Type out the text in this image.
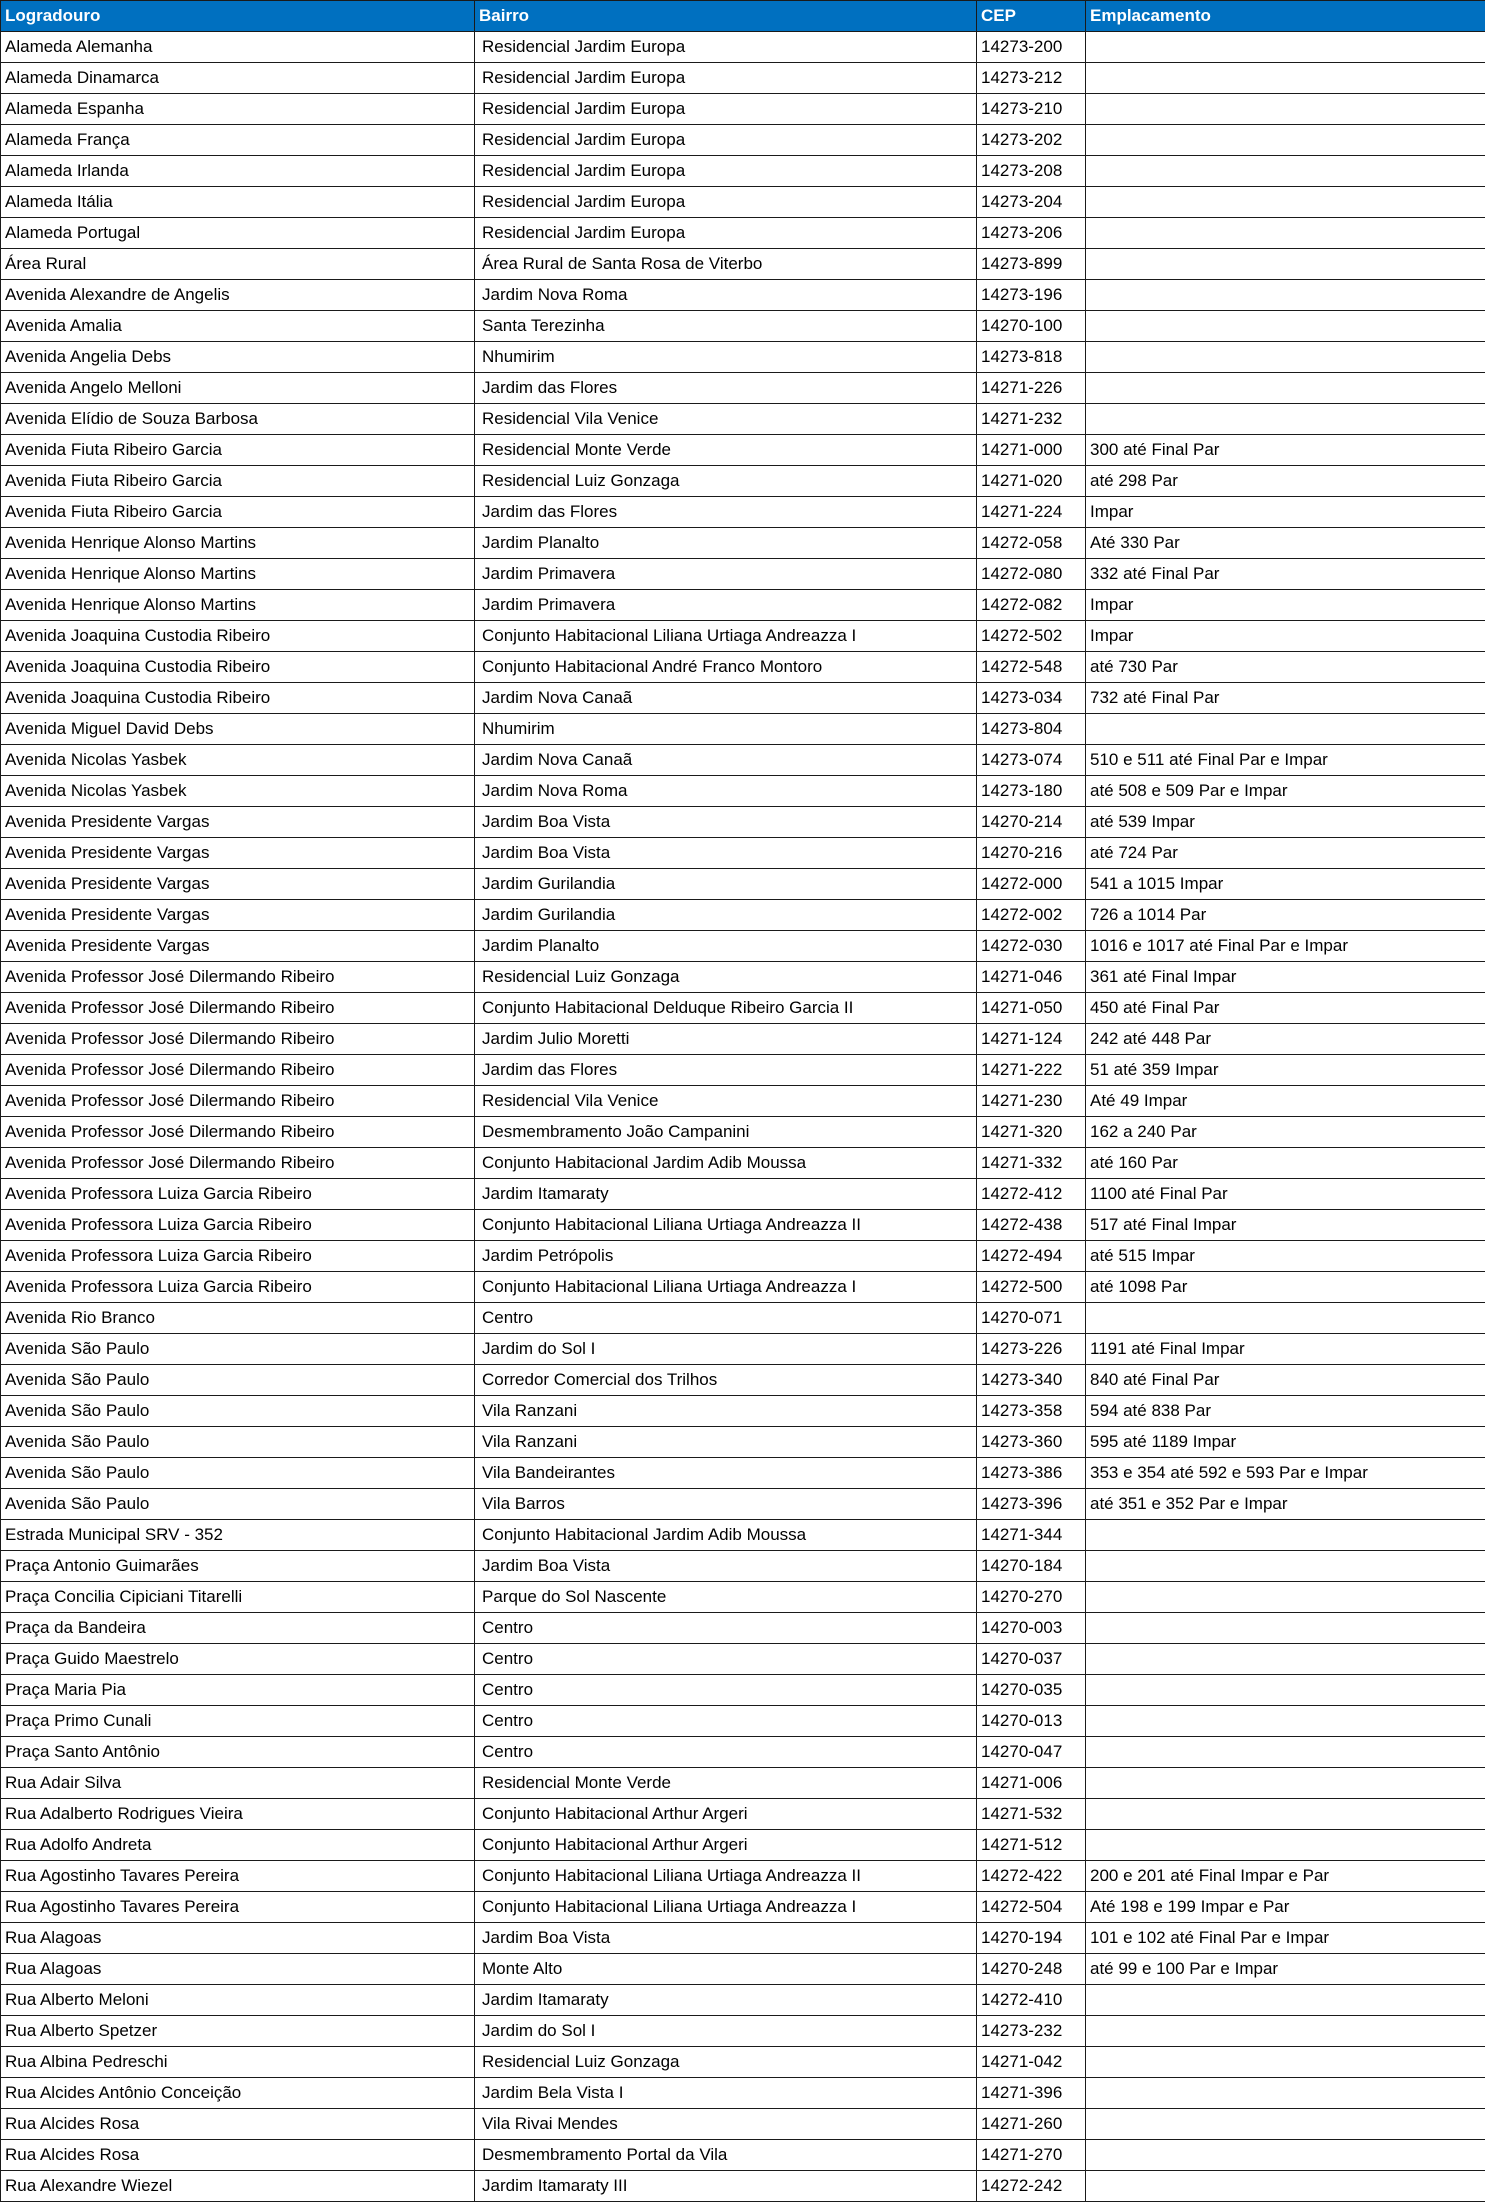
Logradouro	Bairro	CEP	Emplacamento
Alameda Alemanha	Residencial Jardim Europa	14273-200	
Alameda Dinamarca	Residencial Jardim Europa	14273-212	
Alameda Espanha	Residencial Jardim Europa	14273-210	
Alameda França	Residencial Jardim Europa	14273-202	
Alameda Irlanda	Residencial Jardim Europa	14273-208	
Alameda Itália	Residencial Jardim Europa	14273-204	
Alameda Portugal	Residencial Jardim Europa	14273-206	
Área Rural	Área Rural de Santa Rosa de Viterbo	14273-899	
Avenida Alexandre de Angelis	Jardim Nova Roma	14273-196	
Avenida Amalia	Santa Terezinha	14270-100	
Avenida Angelia Debs	Nhumirim	14273-818	
Avenida Angelo Melloni	Jardim das Flores	14271-226	
Avenida Elídio de Souza Barbosa	Residencial Vila Venice	14271-232	
Avenida Fiuta Ribeiro Garcia	Residencial Monte Verde	14271-000	300 até Final Par
Avenida Fiuta Ribeiro Garcia	Residencial Luiz Gonzaga	14271-020	até 298 Par
Avenida Fiuta Ribeiro Garcia	Jardim das Flores	14271-224	Impar
Avenida Henrique Alonso Martins	Jardim Planalto	14272-058	Até 330 Par
Avenida Henrique Alonso Martins	Jardim Primavera	14272-080	332 até Final Par
Avenida Henrique Alonso Martins	Jardim Primavera	14272-082	Impar
Avenida Joaquina Custodia Ribeiro	Conjunto Habitacional Liliana Urtiaga Andreazza I	14272-502	Impar
Avenida Joaquina Custodia Ribeiro	Conjunto Habitacional André Franco Montoro	14272-548	até 730 Par
Avenida Joaquina Custodia Ribeiro	Jardim Nova Canaã	14273-034	732 até Final Par
Avenida Miguel David Debs	Nhumirim	14273-804	
Avenida Nicolas Yasbek	Jardim Nova Canaã	14273-074	510 e 511 até Final Par e Impar
Avenida Nicolas Yasbek	Jardim Nova Roma	14273-180	até 508 e 509 Par e Impar
Avenida Presidente Vargas	Jardim Boa Vista	14270-214	até 539 Impar
Avenida Presidente Vargas	Jardim Boa Vista	14270-216	até 724 Par
Avenida Presidente Vargas	Jardim Gurilandia	14272-000	541 a 1015 Impar
Avenida Presidente Vargas	Jardim Gurilandia	14272-002	726 a 1014 Par
Avenida Presidente Vargas	Jardim Planalto	14272-030	1016 e 1017 até Final Par e Impar
Avenida Professor José Dilermando Ribeiro	Residencial Luiz Gonzaga	14271-046	361 até Final Impar
Avenida Professor José Dilermando Ribeiro	Conjunto Habitacional Delduque Ribeiro Garcia II	14271-050	450 até Final Par
Avenida Professor José Dilermando Ribeiro	Jardim Julio Moretti	14271-124	242 até 448 Par
Avenida Professor José Dilermando Ribeiro	Jardim das Flores	14271-222	51 até 359 Impar
Avenida Professor José Dilermando Ribeiro	Residencial Vila Venice	14271-230	Até 49 Impar
Avenida Professor José Dilermando Ribeiro	Desmembramento João Campanini	14271-320	162 a 240 Par
Avenida Professor José Dilermando Ribeiro	Conjunto Habitacional Jardim Adib Moussa	14271-332	até 160 Par
Avenida Professora Luiza Garcia Ribeiro	Jardim Itamaraty	14272-412	1100 até Final Par
Avenida Professora Luiza Garcia Ribeiro	Conjunto Habitacional Liliana Urtiaga Andreazza II	14272-438	517 até Final Impar
Avenida Professora Luiza Garcia Ribeiro	Jardim Petrópolis	14272-494	até 515 Impar
Avenida Professora Luiza Garcia Ribeiro	Conjunto Habitacional Liliana Urtiaga Andreazza I	14272-500	até 1098 Par
Avenida Rio Branco	Centro	14270-071	
Avenida São Paulo	Jardim do Sol I	14273-226	1191 até Final Impar
Avenida São Paulo	Corredor Comercial dos Trilhos	14273-340	840 até Final Par
Avenida São Paulo	Vila Ranzani	14273-358	594 até 838 Par
Avenida São Paulo	Vila Ranzani	14273-360	595 até 1189 Impar
Avenida São Paulo	Vila Bandeirantes	14273-386	353 e 354 até 592 e 593 Par e Impar
Avenida São Paulo	Vila Barros	14273-396	até 351 e 352 Par e Impar
Estrada Municipal SRV - 352	Conjunto Habitacional Jardim Adib Moussa	14271-344	
Praça Antonio Guimarães	Jardim Boa Vista	14270-184	
Praça Concilia Cipiciani Titarelli	Parque do Sol Nascente	14270-270	
Praça da Bandeira	Centro	14270-003	
Praça Guido Maestrelo	Centro	14270-037	
Praça Maria Pia	Centro	14270-035	
Praça Primo Cunali	Centro	14270-013	
Praça Santo Antônio	Centro	14270-047	
Rua Adair Silva	Residencial Monte Verde	14271-006	
Rua Adalberto Rodrigues Vieira	Conjunto Habitacional Arthur Argeri	14271-532	
Rua Adolfo Andreta	Conjunto Habitacional Arthur Argeri	14271-512	
Rua Agostinho Tavares Pereira	Conjunto Habitacional Liliana Urtiaga Andreazza II	14272-422	200 e 201 até Final Impar e Par
Rua Agostinho Tavares Pereira	Conjunto Habitacional Liliana Urtiaga Andreazza I	14272-504	Até 198 e 199 Impar e Par
Rua Alagoas	Jardim Boa Vista	14270-194	101 e 102 até Final Par e Impar
Rua Alagoas	Monte Alto	14270-248	até 99 e 100 Par e Impar
Rua Alberto Meloni	Jardim Itamaraty	14272-410	
Rua Alberto Spetzer	Jardim do Sol I	14273-232	
Rua Albina Pedreschi	Residencial Luiz Gonzaga	14271-042	
Rua Alcides Antônio Conceição	Jardim Bela Vista I	14271-396	
Rua Alcides Rosa	Vila Rivai Mendes	14271-260	
Rua Alcides Rosa	Desmembramento Portal da Vila	14271-270	
Rua Alexandre Wiezel	Jardim Itamaraty III	14272-242	
